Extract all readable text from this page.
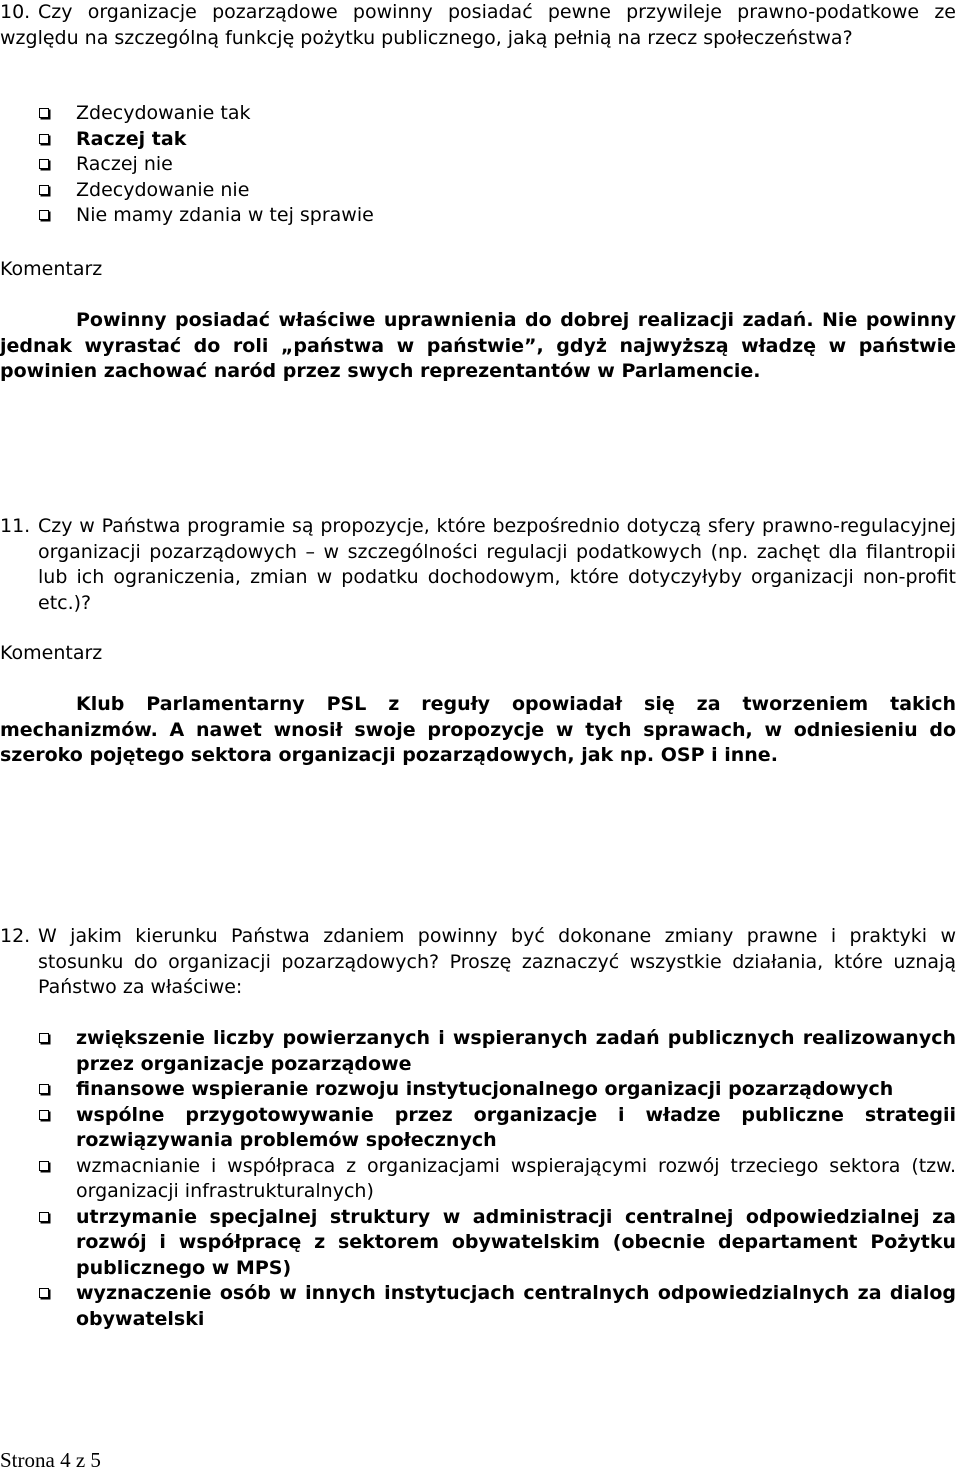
10. Czy organizacje pozarządowe powinny posiadać pewne przywileje prawno-podatkowe ze względu na szczególną funkcję pożytku publicznego, jaką pełnią na rzecz społeczeństwa?
Zdecydowanie tak
Raczej tak
Raczej nie
Zdecydowanie nie
Nie mamy zdania w tej sprawie
Komentarz
Powinny posiadać właściwe uprawnienia do dobrej realizacji zadań. Nie powinny jednak wyrastać do roli „państwa w państwie”, gdyż najwyższą władzę w państwie powinien zachować naród przez swych reprezentantów w Parlamencie.
11. Czy w Państwa programie są propozycje, które bezpośrednio dotyczą sfery prawno-regulacyjnej organizacji pozarządowych – w szczególności regulacji podatkowych (np. zachęt dla filantropii lub ich ograniczenia, zmian w podatku dochodowym, które dotyczyłyby organizacji non-profit etc.)?
Komentarz
Klub Parlamentarny PSL z reguły opowiadał się za tworzeniem takich mechanizmów. A nawet wnosił swoje propozycje w tych sprawach, w odniesieniu do szeroko pojętego sektora organizacji pozarządowych, jak np. OSP i inne.
12. W jakim kierunku Państwa zdaniem powinny być dokonane zmiany prawne i praktyki w stosunku do organizacji pozarządowych? Proszę zaznaczyć wszystkie działania, które uznają Państwo za właściwe:
zwiększenie liczby powierzanych i wspieranych zadań publicznych realizowanych przez organizacje pozarządowe
finansowe wspieranie rozwoju instytucjonalnego organizacji pozarządowych
wspólne przygotowywanie przez organizacje i władze publiczne strategii rozwiązywania problemów społecznych
wzmacnianie i współpraca z organizacjami wspierającymi rozwój trzeciego sektora (tzw. organizacji infrastrukturalnych)
utrzymanie specjalnej struktury w administracji centralnej odpowiedzialnej za rozwój i współpracę z sektorem obywatelskim (obecnie departament Pożytku publicznego w MPS)
wyznaczenie osób w innych instytucjach centralnych odpowiedzialnych za dialog obywatelski
Strona 4 z 5
